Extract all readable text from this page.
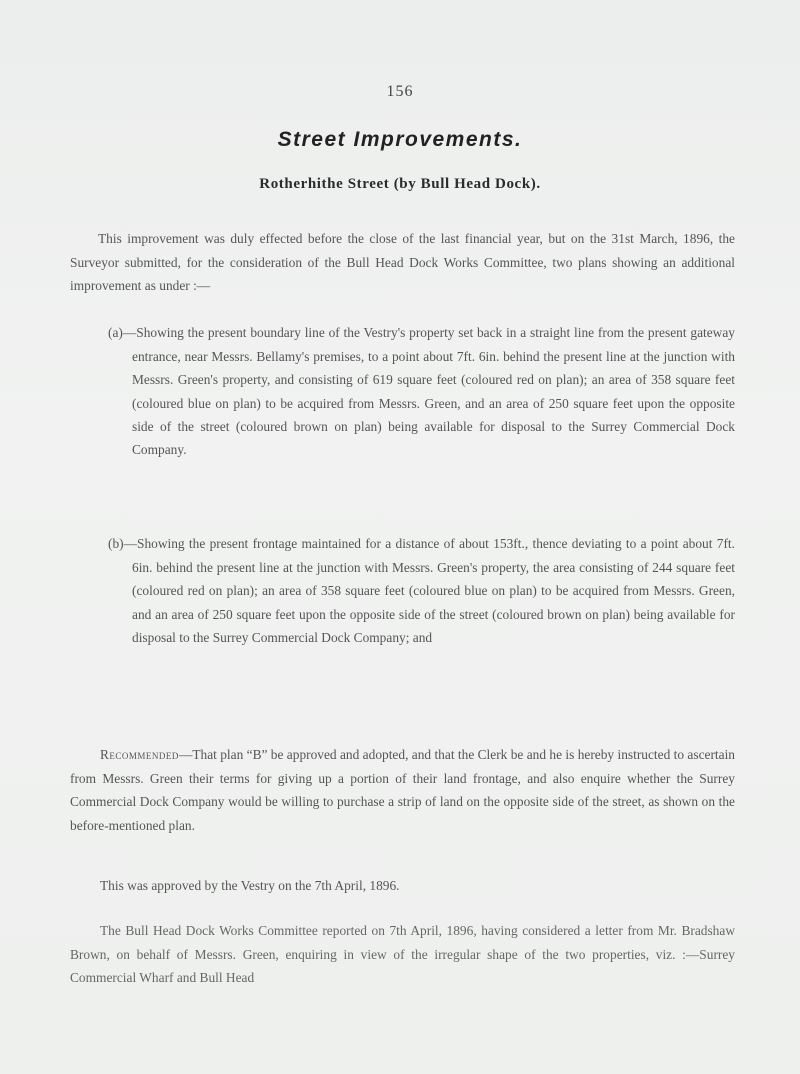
156
Street Improvements.
Rotherhithe Street (by Bull Head Dock).

This improvement was duly effected before the close of the last financial year, but on the 31st March, 1896, the Surveyor submitted, for the consideration of the Bull Head Dock Works Committee, two plans showing an additional improvement as under :—

(a)—Showing the present boundary line of the Vestry's property set back in a straight line from the present gateway entrance, near Messrs. Bellamy's premises, to a point about 7ft. 6in. behind the present line at the junction with Messrs. Green's property, and consisting of 619 square feet (coloured red on plan); an area of 358 square feet (coloured blue on plan) to be acquired from Messrs. Green, and an area of 250 square feet upon the opposite side of the street (coloured brown on plan) being available for disposal to the Surrey Commercial Dock Company.

(b)—Showing the present frontage maintained for a distance of about 153ft., thence deviating to a point about 7ft. 6in. behind the present line at the junction with Messrs. Green's property, the area consisting of 244 square feet (coloured red on plan); an area of 358 square feet (coloured blue on plan) to be acquired from Messrs. Green, and an area of 250 square feet upon the opposite side of the street (coloured brown on plan) being available for disposal to the Surrey Commercial Dock Company; and

Recommended—That plan “B” be approved and adopted, and that the Clerk be and he is hereby instructed to ascertain from Messrs. Green their terms for giving up a portion of their land frontage, and also enquire whether the Surrey Commercial Dock Company would be willing to purchase a strip of land on the opposite side of the street, as shown on the before-mentioned plan.

This was approved by the Vestry on the 7th April, 1896.

The Bull Head Dock Works Committee reported on 7th April, 1896, having considered a letter from Mr. Bradshaw Brown, on behalf of Messrs. Green, enquiring in view of the irregular shape of the two properties, viz. :—Surrey Commercial Wharf and Bull Head
